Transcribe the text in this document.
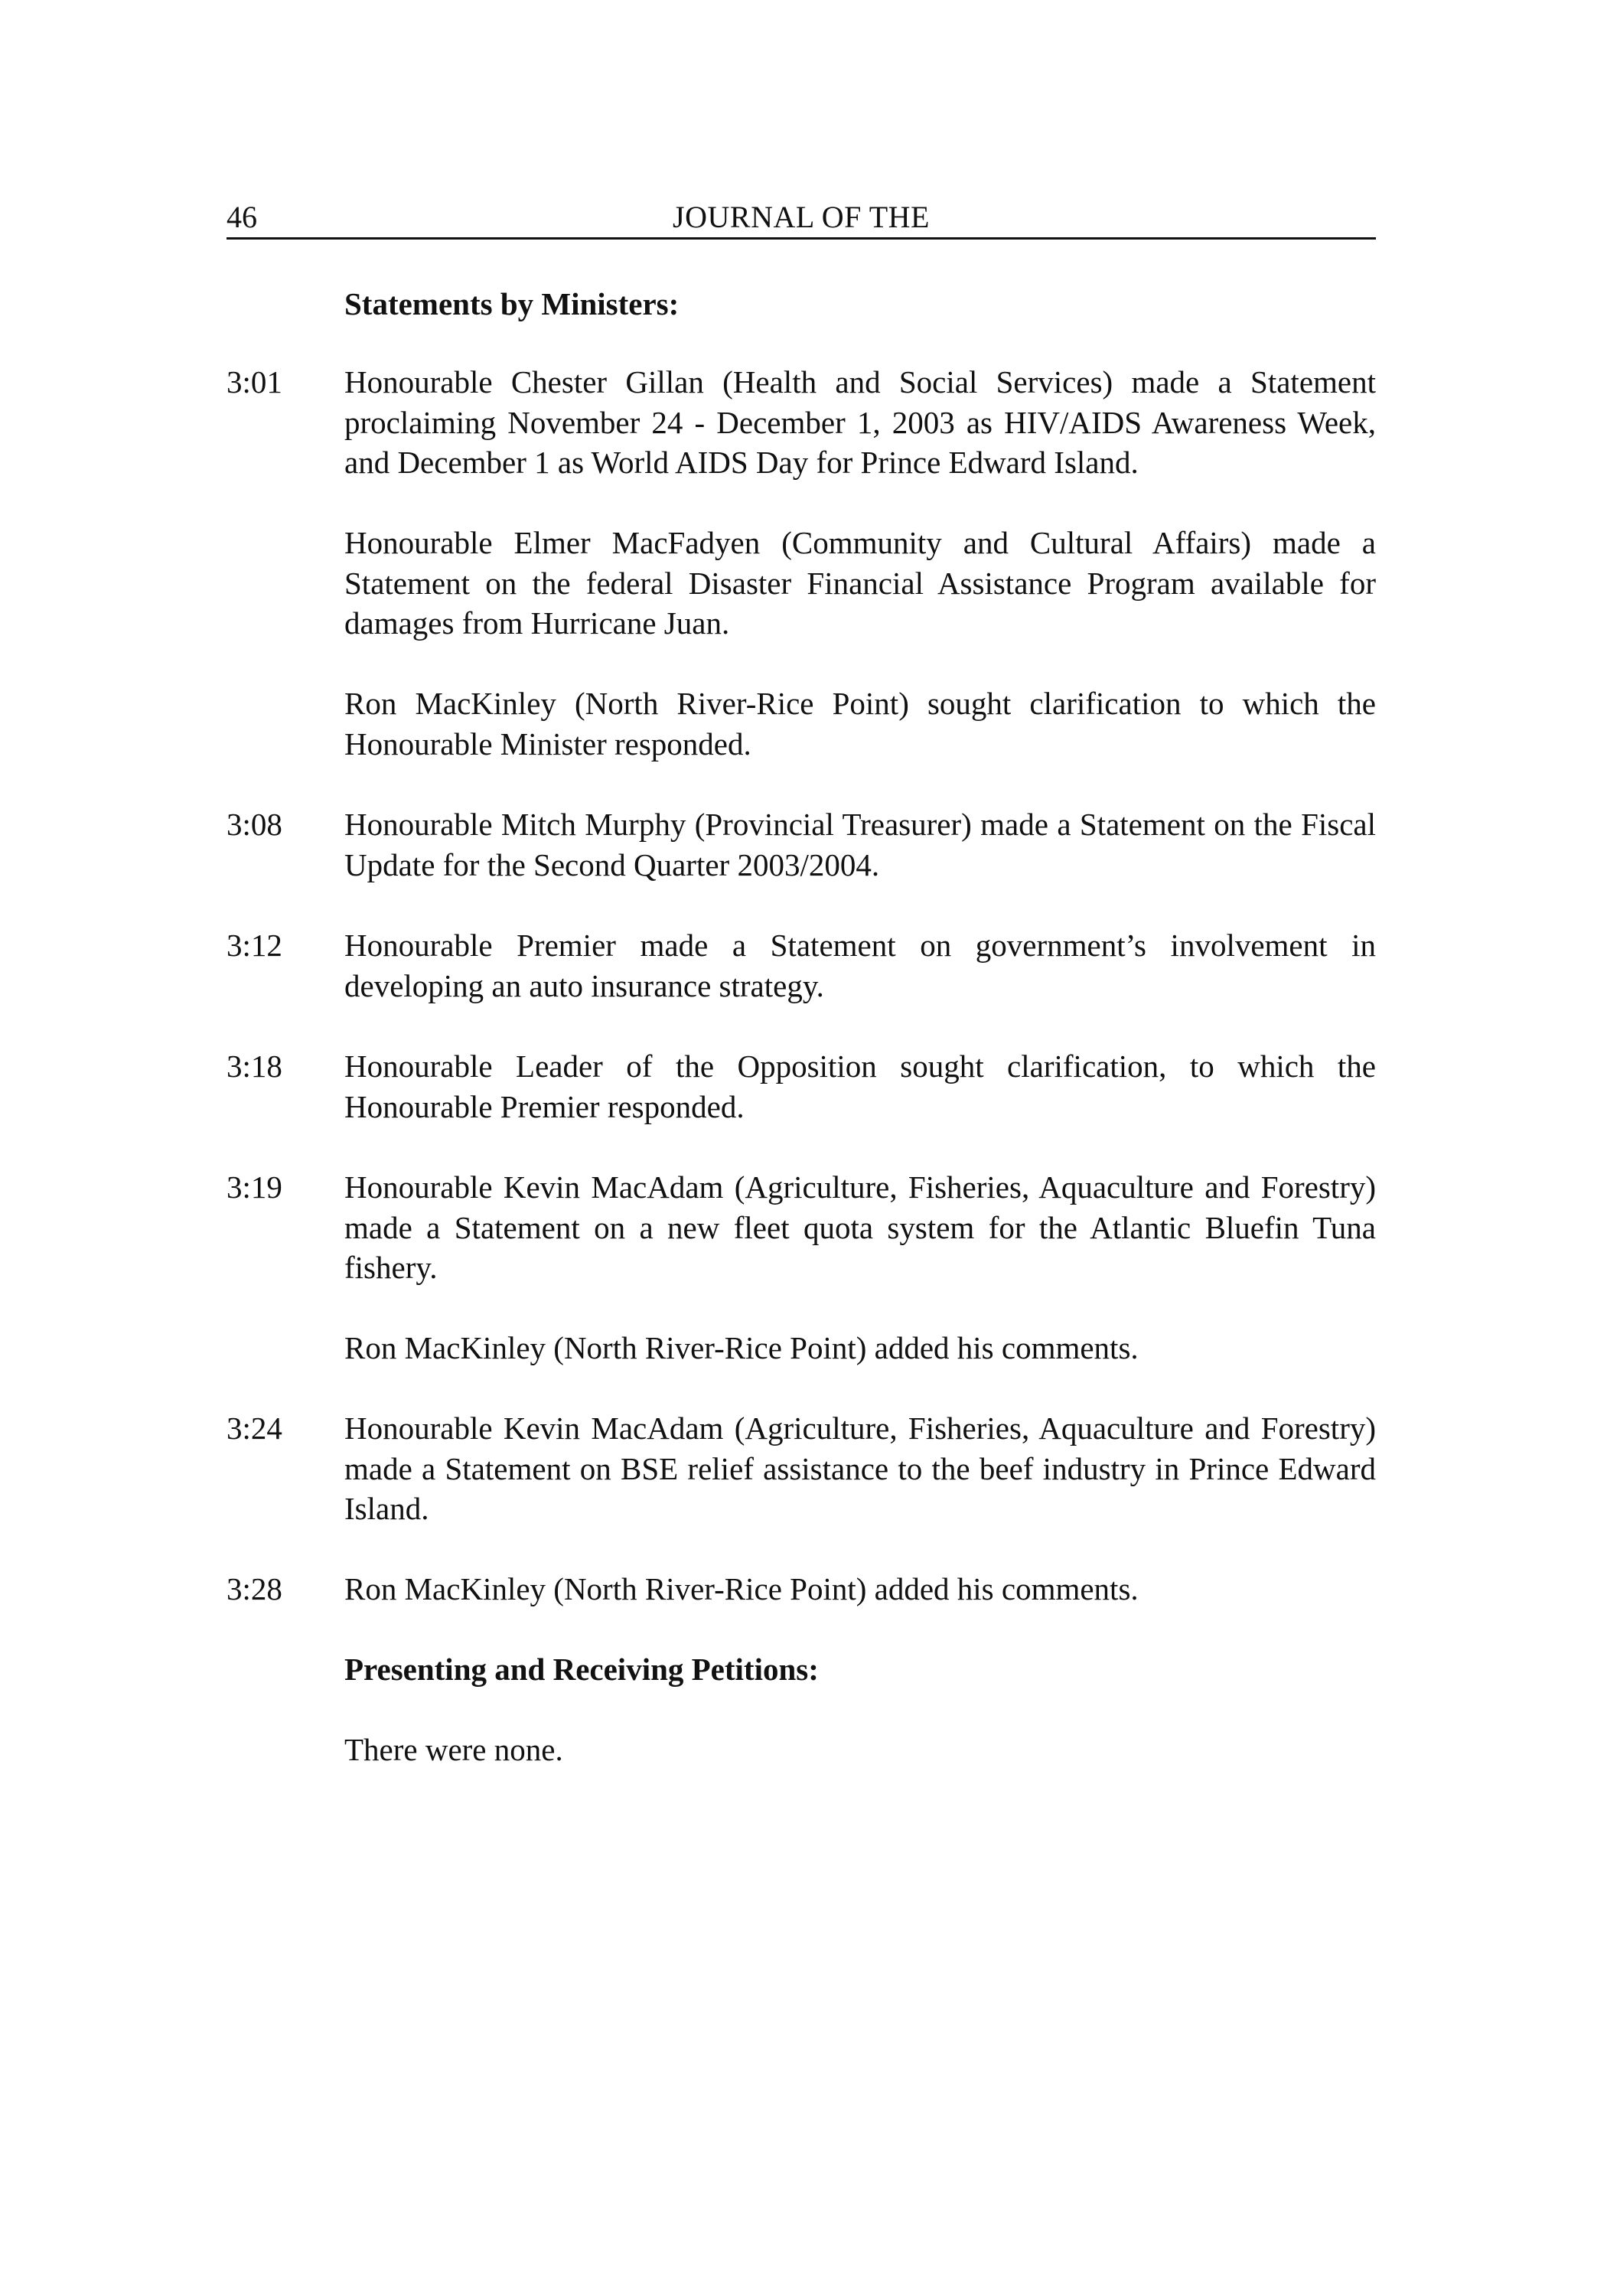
46	JOURNAL OF THE
Statements by Ministers:
3:01 Honourable Chester Gillan (Health and Social Services) made a Statement proclaiming November 24 - December 1, 2003 as HIV/AIDS Awareness Week, and December 1 as World AIDS Day for Prince Edward Island.
Honourable Elmer MacFadyen (Community and Cultural Affairs) made a Statement on the federal Disaster Financial Assistance Program available for damages from Hurricane Juan.
Ron MacKinley (North River-Rice Point) sought clarification to which the Honourable Minister responded.
3:08 Honourable Mitch Murphy (Provincial Treasurer) made a Statement on the Fiscal Update for the Second Quarter 2003/2004.
3:12 Honourable Premier made a Statement on government’s involvement in developing an auto insurance strategy.
3:18 Honourable Leader of the Opposition sought clarification, to which the Honourable Premier responded.
3:19 Honourable Kevin MacAdam (Agriculture, Fisheries, Aquaculture and Forestry) made a Statement on a new fleet quota system for the Atlantic Bluefin Tuna fishery.
Ron MacKinley (North River-Rice Point) added his comments.
3:24 Honourable Kevin MacAdam (Agriculture, Fisheries, Aquaculture and Forestry) made a Statement on BSE relief assistance to the beef industry in Prince Edward Island.
3:28 Ron MacKinley (North River-Rice Point) added his comments.
Presenting and Receiving Petitions:
There were none.
